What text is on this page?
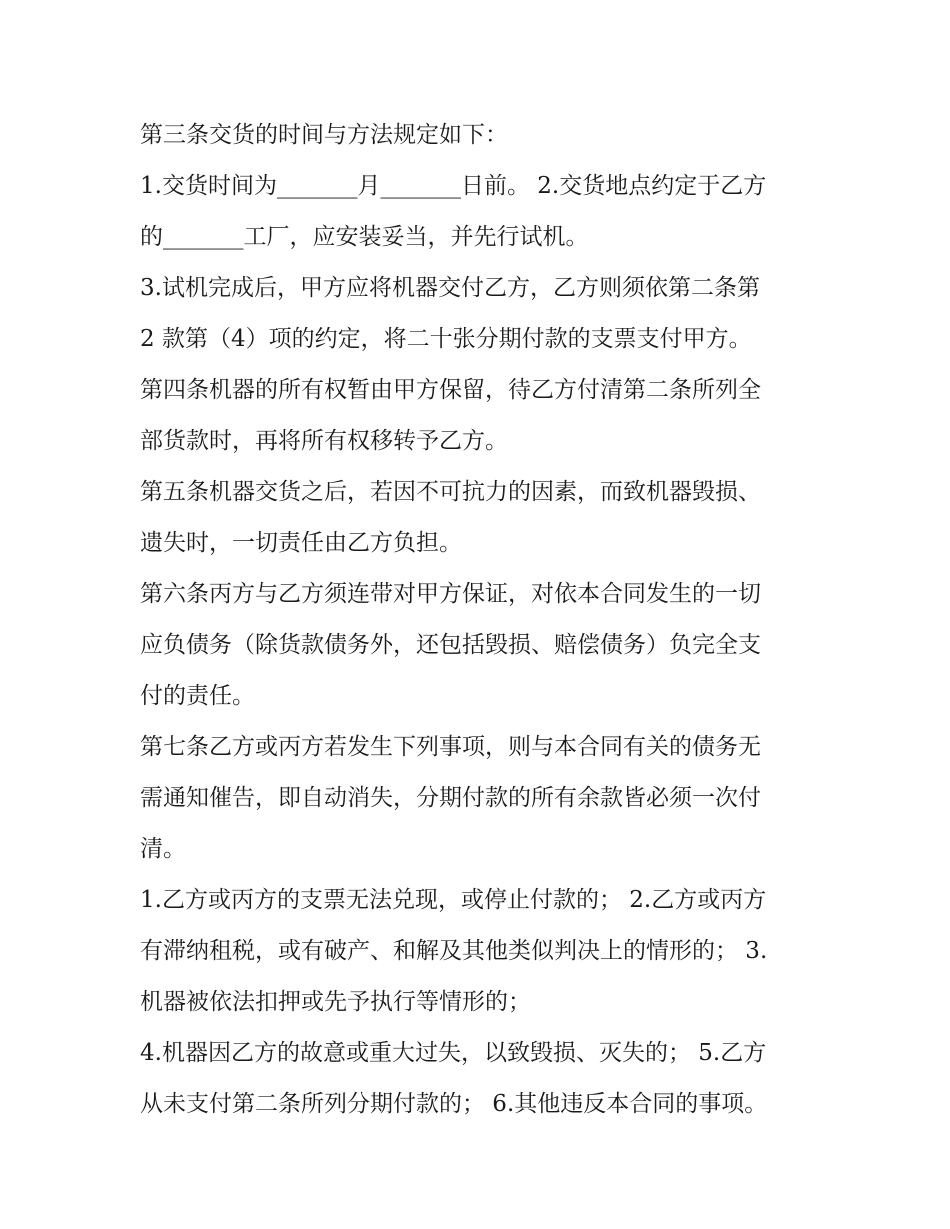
第三条交货的时间与方法规定如下：
1.交货时间为_______月_______日前。 2.交货地点约定于乙方
的_______工厂，应安装妥当，并先行试机。
3.试机完成后，甲方应将机器交付乙方，乙方则须依第二条第
2 款第（4）项的约定，将二十张分期付款的支票支付甲方。
第四条机器的所有权暂由甲方保留，待乙方付清第二条所列全
部货款时，再将所有权移转予乙方。
第五条机器交货之后，若因不可抗力的因素，而致机器毁损、
遗失时，一切责任由乙方负担。
第六条丙方与乙方须连带对甲方保证，对依本合同发生的一切
应负债务（除货款债务外，还包括毁损、赔偿债务）负完全支
付的责任。
第七条乙方或丙方若发生下列事项，则与本合同有关的债务无
需通知催告，即自动消失，分期付款的所有余款皆必须一次付
清。
1.乙方或丙方的支票无法兑现，或停止付款的； 2.乙方或丙方
有滞纳租税，或有破产、和解及其他类似判决上的情形的； 3.
机器被依法扣押或先予执行等情形的；
4.机器因乙方的故意或重大过失，以致毁损、灭失的； 5.乙方
从未支付第二条所列分期付款的； 6.其他违反本合同的事项。
